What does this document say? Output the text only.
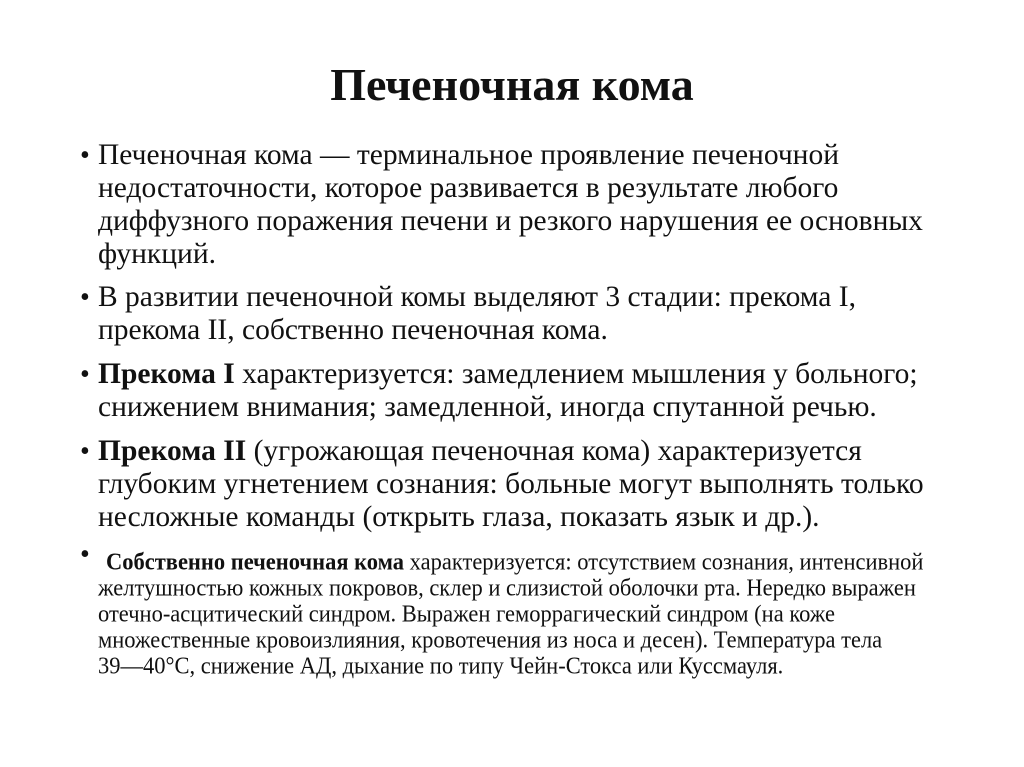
Печеночная кома
• Печеночная кома — терминальное проявление печеночной
недостаточности, которое развивается в результате любого
диффузного поражения печени и резкого нарушения ее основных
функций.
• В развитии печеночной комы выделяют 3 стадии: прекома I,
прекома II, собственно печеночная кома.
• Прекома I характеризуется: замедлением мышления у больного;
снижением внимания; замедленной, иногда спутанной речью.
• Прекома II (угрожающая печеночная кома) характеризуется
глубоким угнетением сознания: больные могут выполнять только
несложные команды (открыть глаза, показать язык и др.).
• Собственно печеночная кома характеризуется: отсутствием сознания, интенсивной
желтушностью кожных покровов, склер и слизистой оболочки рта. Нередко выражен
отечно-асцитический синдром. Выражен геморрагический синдром (на коже
множественные кровоизлияния, кровотечения из носа и десен). Температура тела
39—40°С, снижение АД, дыхание по типу Чейн-Стокса или Куссмауля.
